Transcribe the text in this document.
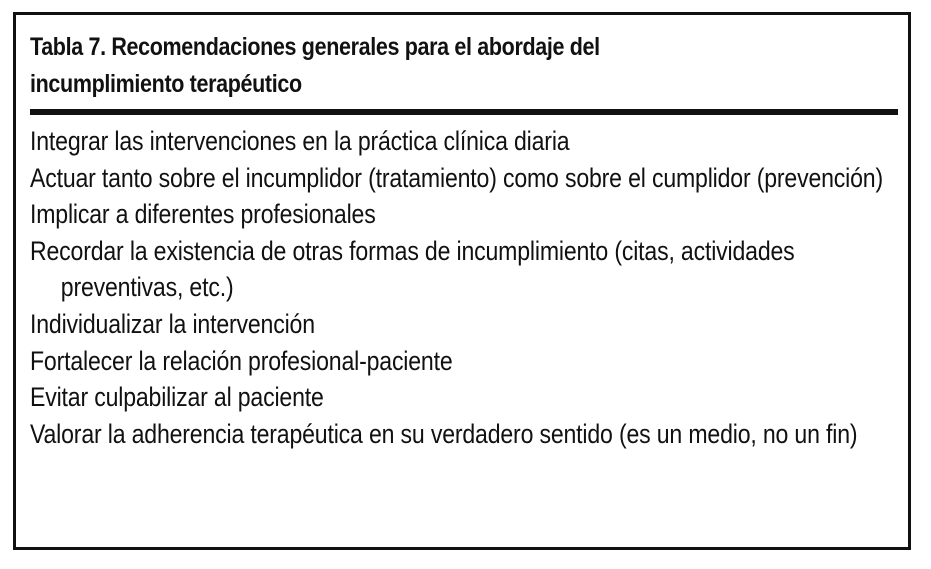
Tabla 7. Recomendaciones generales para el abordaje del
incumplimiento terapéutico
Integrar las intervenciones en la práctica clínica diaria
Actuar tanto sobre el incumplidor (tratamiento) como sobre el cumplidor (prevención)
Implicar a diferentes profesionales
Recordar la existencia de otras formas de incumplimiento (citas, actividades preventivas, etc.)
Individualizar la intervención
Fortalecer la relación profesional-paciente
Evitar culpabilizar al paciente
Valorar la adherencia terapéutica en su verdadero sentido (es un medio, no un fin)
